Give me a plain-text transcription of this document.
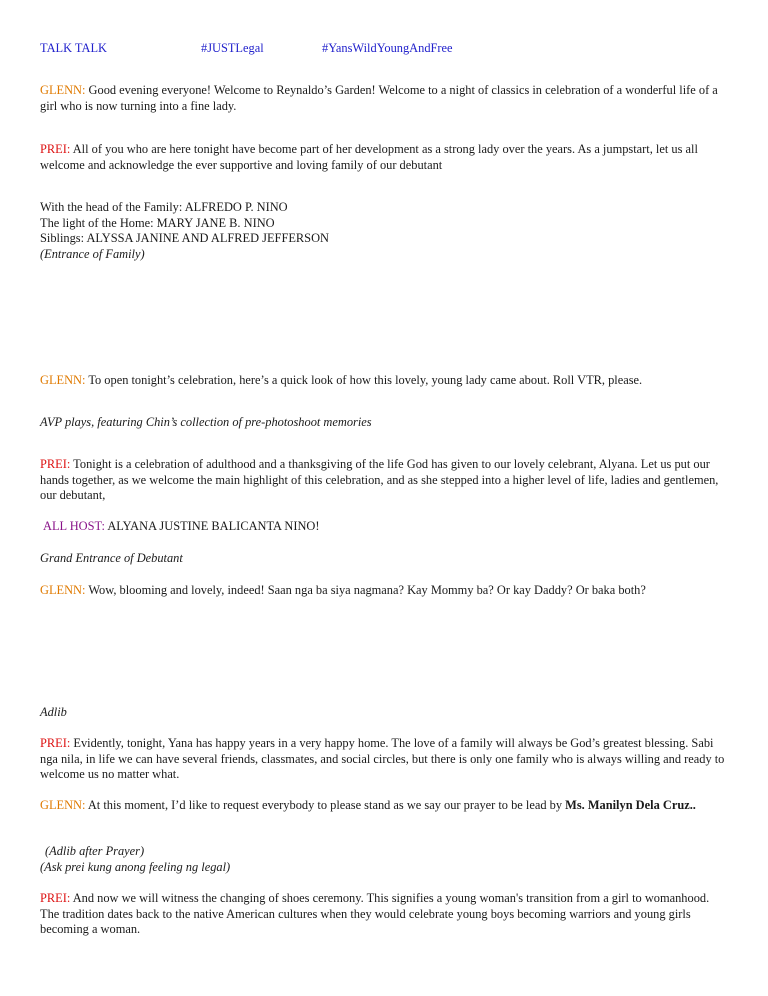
TALK TALK	#JUSTLegal	#YansWildYoungAndFree

GLENN: Good evening everyone! Welcome to Reynaldo’s Garden! Welcome to a night of classics in celebration of a wonderful life of a girl who is now turning into a fine lady.

PREI: All of you who are here tonight have become part of her development as a strong lady over the years. As a jumpstart, let us all welcome and acknowledge the ever supportive and loving family of our debutant

With the head of the Family: ALFREDO P. NINO
The light of the Home: MARY JANE B. NINO
Siblings: ALYSSA JANINE AND ALFRED JEFFERSON
(Entrance of Family)

GLENN: To open tonight’s celebration, here’s a quick look of how this lovely, young lady came about. Roll VTR, please.

AVP plays, featuring Chin’s collection of pre-photoshoot memories

PREI: Tonight is a celebration of adulthood and a thanksgiving of the life God has given to our lovely celebrant, Alyana. Let us put our hands together, as we welcome the main highlight of this celebration, and as she stepped into a higher level of life, ladies and gentlemen, our debutant,

ALL HOST: ALYANA JUSTINE BALICANTA NINO!

Grand Entrance of Debutant

GLENN: Wow, blooming and lovely, indeed! Saan nga ba siya nagmana? Kay Mommy ba? Or kay Daddy? Or baka both?

Adlib

PREI: Evidently, tonight, Yana has happy years in a very happy home. The love of a family will always be God’s greatest blessing. Sabi nga nila, in life we can have several friends, classmates, and social circles, but there is only one family who is always willing and ready to welcome us no matter what.

GLENN: At this moment, I’d like to request everybody to please stand as we say our prayer to be lead by Ms. Manilyn Dela Cruz..

(Adlib after Prayer)
(Ask prei kung anong feeling ng legal)

PREI: And now we will witness the changing of shoes ceremony. This signifies a young woman's transition from a girl to womanhood. The tradition dates back to the native American cultures when they would celebrate young boys becoming warriors and young girls becoming a woman.
